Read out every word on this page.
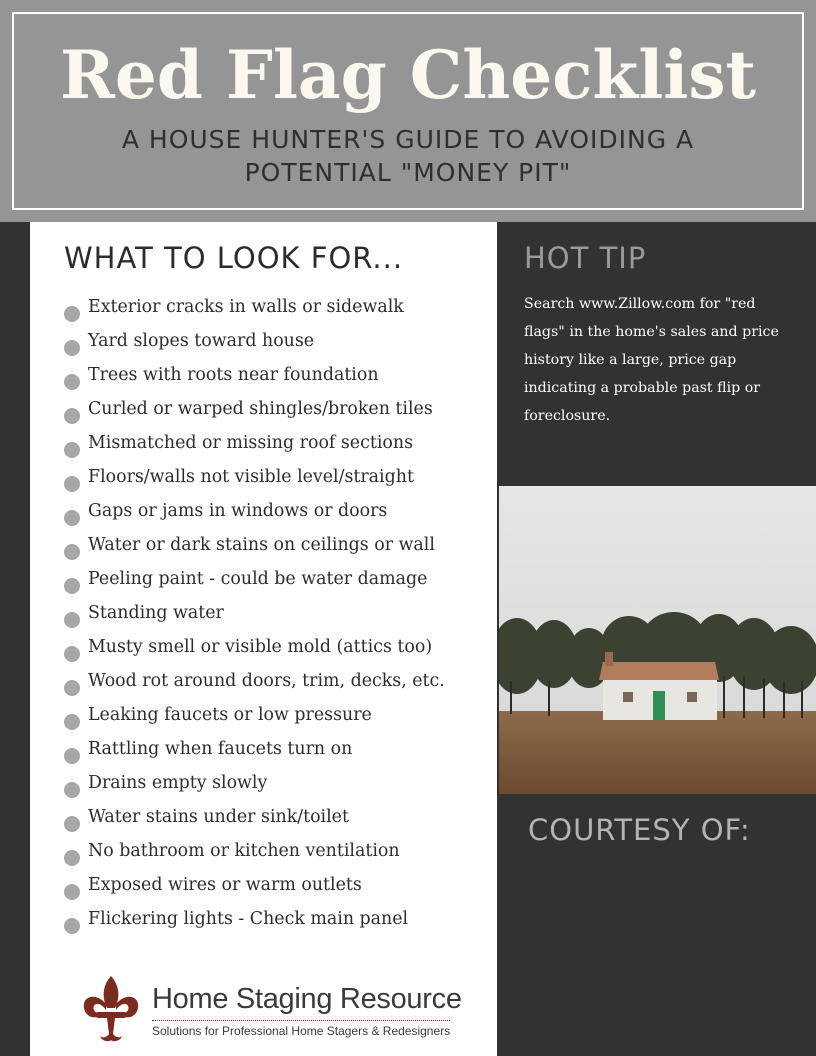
Red Flag Checklist
A HOUSE HUNTER'S GUIDE TO AVOIDING A
POTENTIAL "MONEY PIT"
WHAT TO LOOK FOR...
Exterior cracks in walls or sidewalk
Yard slopes toward house
Trees with roots near foundation
Curled or warped shingles/broken tiles
Mismatched or missing roof sections
Floors/walls not visible level/straight
Gaps or jams in windows or doors
Water or dark stains on ceilings or wall
Peeling paint - could be water damage
Standing water
Musty smell or visible mold (attics too)
Wood rot around doors, trim, decks, etc.
Leaking faucets or low pressure
Rattling when faucets turn on
Drains empty slowly
Water stains under sink/toilet
No bathroom or kitchen ventilation
Exposed wires or warm outlets
Flickering lights - Check main panel
HOT TIP
Search www.Zillow.com for "red flags" in the home's sales and price history like a large, price gap indicating a probable past flip or foreclosure.
COURTESY OF:
Home Staging Resource
Solutions for Professional Home Stagers & Redesigners
